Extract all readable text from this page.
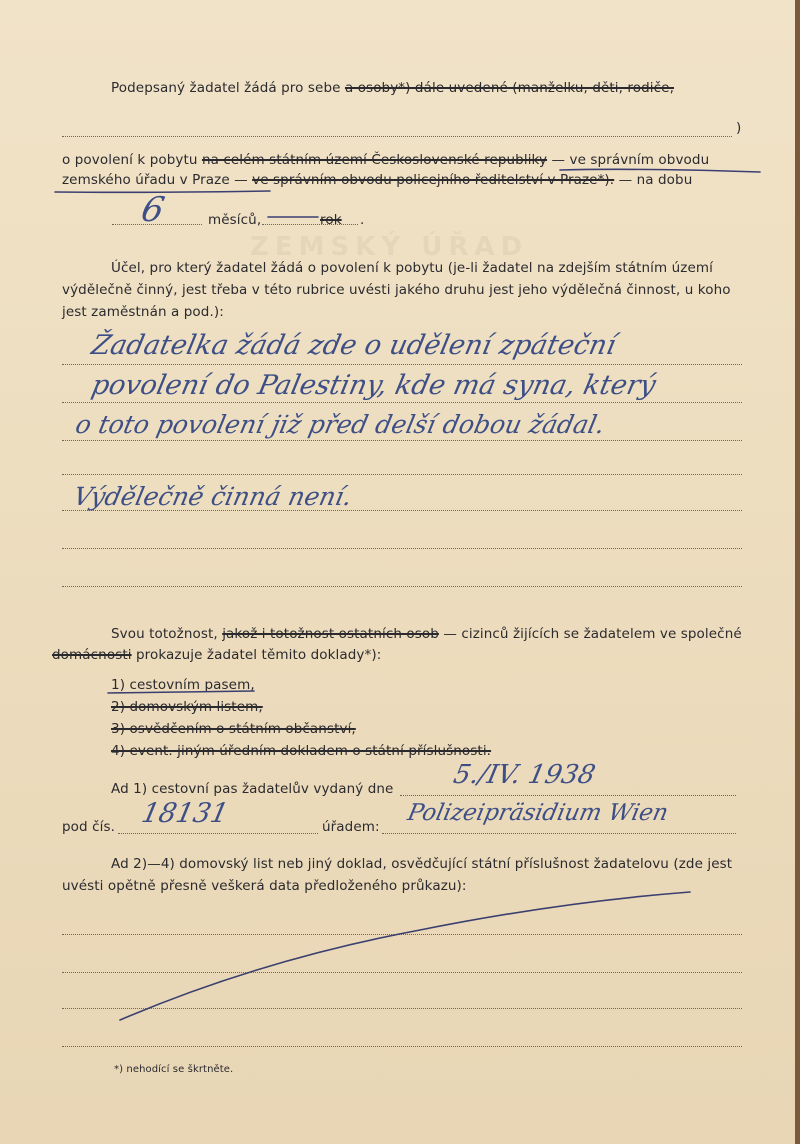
ZEMSKÝ ÚŘAD
Podepsaný žadatel žádá pro sebe a osoby*) dále uvedené (manželku, děti, rodiče,
)
o povolení k pobytu na celém státním území Československé republiky — ve správním obvodu
zemského úřadu v Praze — ve správním obvodu policejního ředitelství v Praze*). — na dobu
6	měsíců,	rok .
Účel, pro který žadatel žádá o povolení k pobytu (je-li žadatel na zdejším státním území
výdělečně činný, jest třeba v této rubrice uvésti jakého druhu jest jeho výdělečná činnost, u koho
jest zaměstnán a pod.):
Žadatelka žádá zde o udělení zpáteční
povolení do Palestiny, kde má syna, který
o toto povolení již před delší dobou žádal.
Výdělečně činná není.
Svou totožnost, jakož i totožnost ostatních osob — cizinců žijících se žadatelem ve společné
domácnosti prokazuje žadatel těmito doklady*):
1) cestovním pasem,
2) domovským listem,
3) osvědčením o státním občanství,
4) event. jiným úředním dokladem o státní příslušnosti.
Ad 1) cestovní pas žadatelův vydaný dne 5./IV. 1938
pod čís. 18131	úřadem:
Polizeipräsidium Wien
Ad 2)—4) domovský list neb jiný doklad, osvědčující státní příslušnost žadatelovu (zde jest
uvésti opětně přesně veškerá data předloženého průkazu):
*) nehodící se škrtněte.
